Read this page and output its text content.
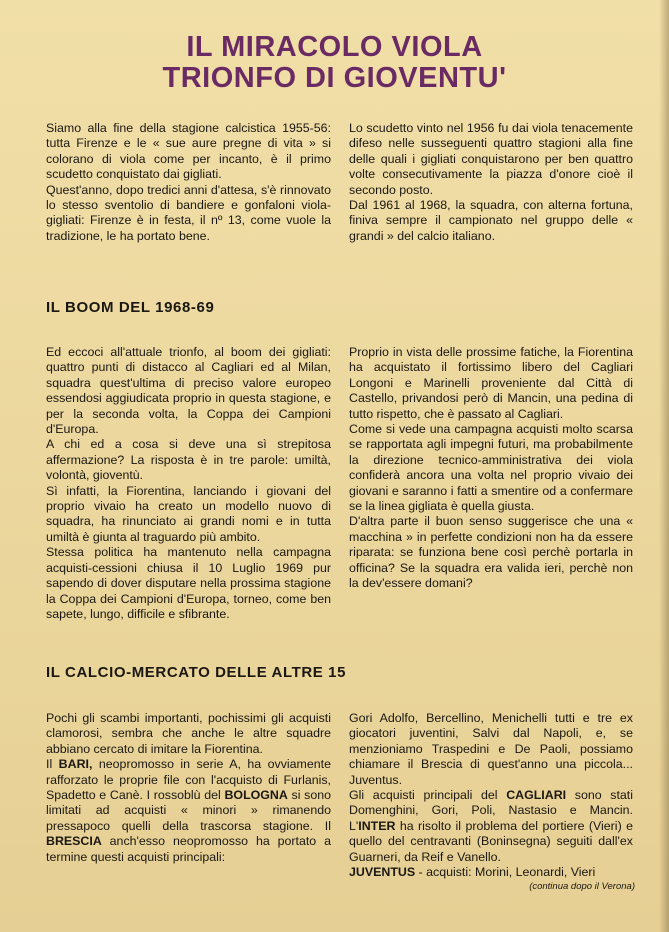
IL MIRACOLO VIOLA
TRIONFO DI GIOVENTU'

Siamo alla fine della stagione calcistica 1955-56: tutta Firenze e le « sue aure pregne di vita » si colorano di viola come per incanto, è il primo scudetto conquistato dai gigliati.

Quest'anno, dopo tredici anni d'attesa, s'è rinnovato lo stesso sventolio di bandiere e gonfaloni viola-gigliati: Firenze è in festa, il nº 13, come vuole la tradizione, le ha portato bene.

Lo scudetto vinto nel 1956 fu dai viola tenacemente difeso nelle susseguenti quattro stagioni alla fine delle quali i gigliati conquistarono per ben quattro volte consecutivamente la piazza d'onore cioè il secondo posto.

Dal 1961 al 1968, la squadra, con alterna fortuna, finiva sempre il campionato nel gruppo delle « grandi » del calcio italiano.

IL BOOM DEL 1968-69

Ed eccoci all'attuale trionfo, al boom dei gigliati: quattro punti di distacco al Cagliari ed al Milan, squadra quest'ultima di preciso valore europeo essendosi aggiudicata proprio in questa stagione, e per la seconda volta, la Coppa dei Campioni d'Europa.

A chi ed a cosa si deve una sì strepitosa affermazione? La risposta è in tre parole: umiltà, volontà, gioventù.

Sì infatti, la Fiorentina, lanciando i giovani del proprio vivaio ha creato un modello nuovo di squadra, ha rinunciato ai grandi nomi e in tutta umiltà è giunta al traguardo più ambito.

Stessa politica ha mantenuto nella campagna acquisti-cessioni chiusa il 10 Luglio 1969 pur sapendo di dover disputare nella prossima stagione la Coppa dei Campioni d'Europa, torneo, come ben sapete, lungo, difficile e sfibrante.

Proprio in vista delle prossime fatiche, la Fiorentina ha acquistato il fortissimo libero del Cagliari Longoni e Marinelli proveniente dal Città di Castello, privandosi però di Mancin, una pedina di tutto rispetto, che è passato al Cagliari.

Come si vede una campagna acquisti molto scarsa se rapportata agli impegni futuri, ma probabilmente la direzione tecnico-amministrativa dei viola confiderà ancora una volta nel proprio vivaio dei giovani e saranno i fatti a smentire od a confermare se la linea gigliata è quella giusta.

D'altra parte il buon senso suggerisce che una « macchina » in perfette condizioni non ha da essere riparata: se funziona bene così perchè portarla in officina? Se la squadra era valida ieri, perchè non la dev'essere domani?

IL CALCIO-MERCATO DELLE ALTRE 15

Pochi gli scambi importanti, pochissimi gli acquisti clamorosi, sembra che anche le altre squadre abbiano cercato di imitare la Fiorentina.

Il BARI, neopromosso in serie A, ha ovviamente rafforzato le proprie file con l'acquisto di Furlanis, Spadetto e Canè. I rossoblù del BOLOGNA si sono limitati ad acquisti « minori » rimanendo pressapoco quelli della trascorsa stagione. Il BRESCIA anch'esso neopromosso ha portato a termine questi acquisti principali:

Gori Adolfo, Bercellino, Menichelli tutti e tre ex giocatori juventini, Salvi dal Napoli, e, se menzioniamo Traspedini e De Paoli, possiamo chiamare il Brescia di quest'anno una piccola... Juventus.

Gli acquisti principali del CAGLIARI sono stati Domenghini, Gori, Poli, Nastasio e Mancin. L'INTER ha risolto il problema del portiere (Vieri) e quello del centravanti (Boninsegna) seguiti dall'ex Guarneri, da Reif e Vanello.

JUVENTUS - acquisti: Morini, Leonardi, Vieri

(continua dopo il Verona)
